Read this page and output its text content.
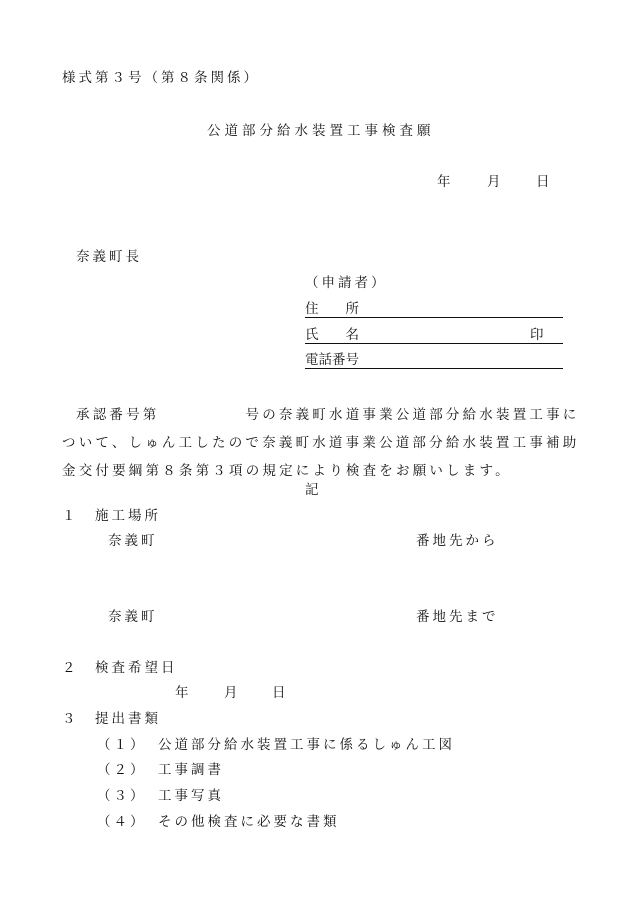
様式第３号（第８条関係）
公道部分給水装置工事検査願
年	月	日
奈義町長
（申請者）
住　　所
氏　　名	印
電話番号
承認番号第	号の奈義町水道事業公道部分給水装置工事に
ついて、しゅん工したので奈義町水道事業公道部分給水装置工事補助
金交付要綱第８条第３項の規定により検査をお願いします。
記
１　施工場所
奈義町	番地先から
奈義町	番地先まで
２　検査希望日
年	月	日
３　提出書類
（１） 公道部分給水装置工事に係るしゅん工図
（２） 工事調書
（３） 工事写真
（４） その他検査に必要な書類
